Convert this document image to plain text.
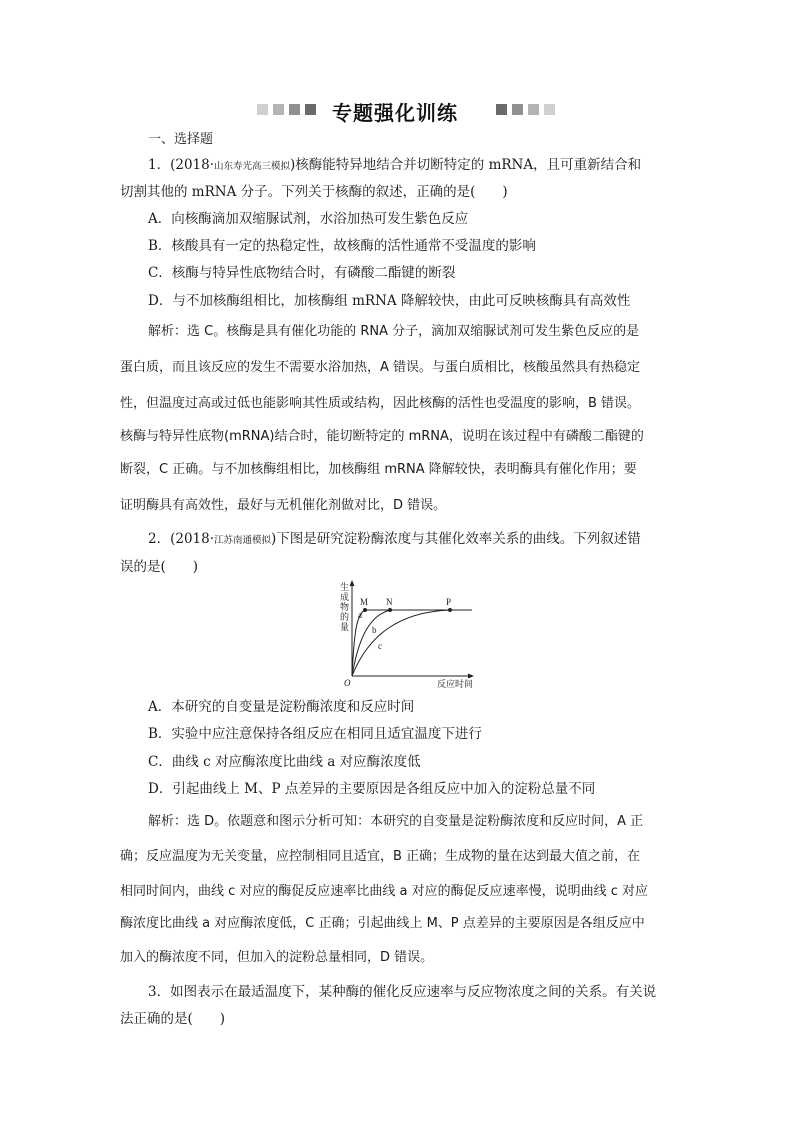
专题强化训练
一、选择题
1．(2018·山东寿光高三模拟)核酶能特异地结合并切断特定的 mRNA，且可重新结合和
切割其他的 mRNA 分子。下列关于核酶的叙述，正确的是(　　)
A．向核酶滴加双缩脲试剂，水浴加热可发生紫色反应
B．核酸具有一定的热稳定性，故核酶的活性通常不受温度的影响
C．核酶与特异性底物结合时，有磷酸二酯键的断裂
D．与不加核酶组相比，加核酶组 mRNA 降解较快，由此可反映核酶具有高效性
解析：选 C。核酶是具有催化功能的 RNA 分子，滴加双缩脲试剂可发生紫色反应的是
蛋白质，而且该反应的发生不需要水浴加热，A 错误。与蛋白质相比，核酸虽然具有热稳定
性，但温度过高或过低也能影响其性质或结构，因此核酶的活性也受温度的影响，B 错误。
核酶与特异性底物(mRNA)结合时，能切断特定的 mRNA，说明在该过程中有磷酸二酯键的
断裂，C 正确。与不加核酶组相比，加核酶组 mRNA 降解较快，表明酶具有催化作用；要
证明酶具有高效性，最好与无机催化剂做对比，D 错误。
2．(2018·江苏南通模拟)下图是研究淀粉酶浓度与其催化效率关系的曲线。下列叙述错
误的是(　　)
M N	P
a
b
c
生
成
物
的
量
O	反应时间
A．本研究的自变量是淀粉酶浓度和反应时间
B．实验中应注意保持各组反应在相同且适宜温度下进行
C．曲线 c 对应酶浓度比曲线 a 对应酶浓度低
D．引起曲线上 M、P 点差异的主要原因是各组反应中加入的淀粉总量不同
解析：选 D。依题意和图示分析可知：本研究的自变量是淀粉酶浓度和反应时间，A 正
确；反应温度为无关变量，应控制相同且适宜，B 正确；生成物的量在达到最大值之前，在
相同时间内，曲线 c 对应的酶促反应速率比曲线 a 对应的酶促反应速率慢，说明曲线 c 对应
酶浓度比曲线 a 对应酶浓度低，C 正确；引起曲线上 M、P 点差异的主要原因是各组反应中
加入的酶浓度不同，但加入的淀粉总量相同，D 错误。
3．如图表示在最适温度下，某种酶的催化反应速率与反应物浓度之间的关系。有关说
法正确的是(　　)
